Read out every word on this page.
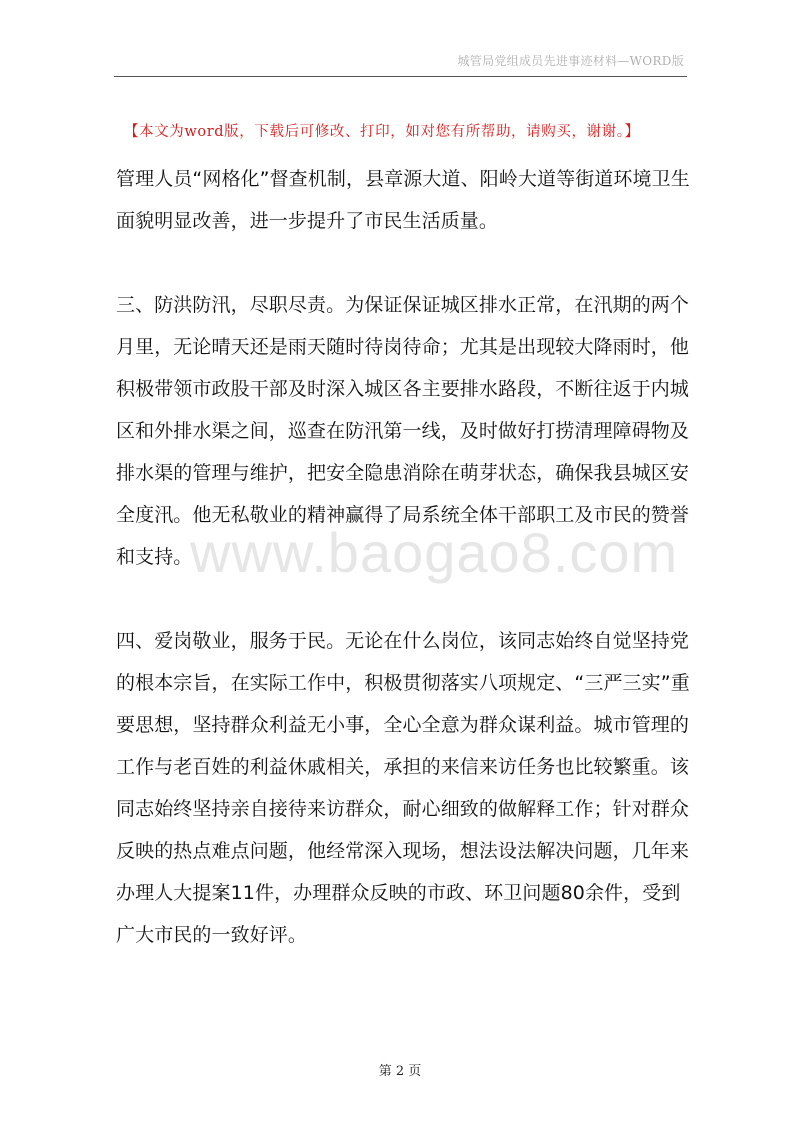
城管局党组成员先进事迹材料—WORD版
【本文为word版，下载后可修改、打印，如对您有所帮助，请购买，谢谢。】

管理人员“网格化”督查机制，县章源大道、阳岭大道等街道环境卫生面貌明显改善，进一步提升了市民生活质量。

三、防洪防汛，尽职尽责。为保证保证城区排水正常，在汛期的两个月里，无论晴天还是雨天随时待岗待命；尤其是出现较大降雨时，他积极带领市政股干部及时深入城区各主要排水路段，不断往返于内城区和外排水渠之间，巡查在防汛第一线，及时做好打捞清理障碍物及排水渠的管理与维护，把安全隐患消除在萌芽状态，确保我县城区安全度汛。他无私敬业的精神赢得了局系统全体干部职工及市民的赞誉和支持。

四、爱岗敬业，服务于民。无论在什么岗位，该同志始终自觉坚持党的根本宗旨，在实际工作中，积极贯彻落实八项规定、“三严三实”重要思想，坚持群众利益无小事，全心全意为群众谋利益。城市管理的工作与老百姓的利益休戚相关，承担的来信来访任务也比较繁重。该同志始终坚持亲自接待来访群众，耐心细致的做解释工作；针对群众反映的热点难点问题，他经常深入现场，想法设法解决问题，几年来办理人大提案11件，办理群众反映的市政、环卫问题80余件，受到广大市民的一致好评。

www.baogao8.com
第 2 页
